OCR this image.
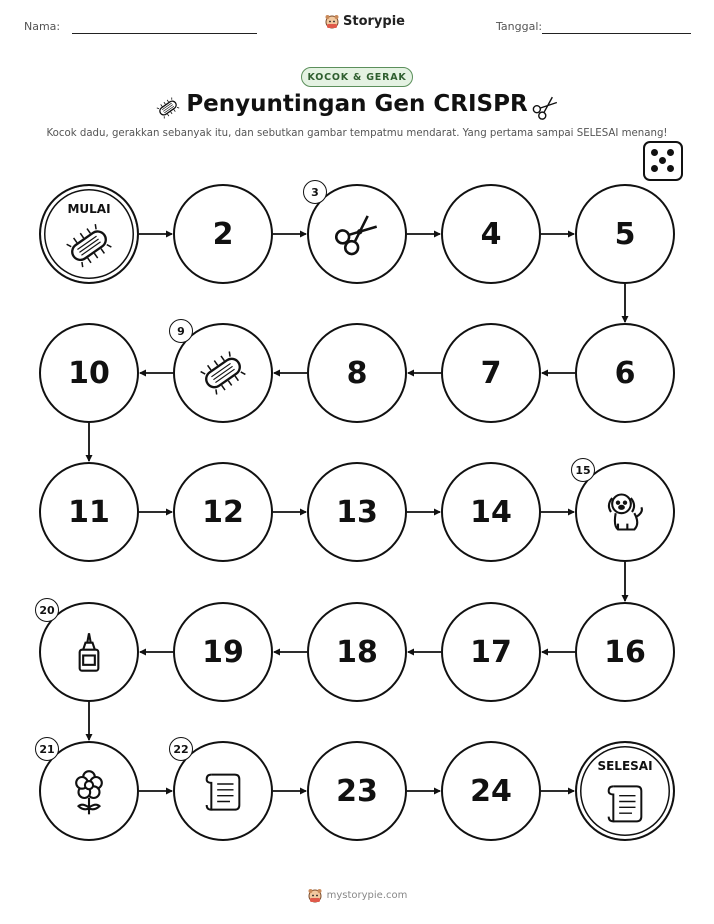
Nama:	Storypie	Tanggal:
KOCOK & GERAK
Penyuntingan Gen CRISPR
Kocok dadu, gerakkan sebanyak itu, dan sebutkan gambar tempatmu mendarat. Yang pertama sampai SELESAI menang!
MULAI
2
3
4	5
6
7
8
9
10
11	12	13	14
15
16
17
18
19
20
21	22
23	24
SELESAI
mystorypie.com
